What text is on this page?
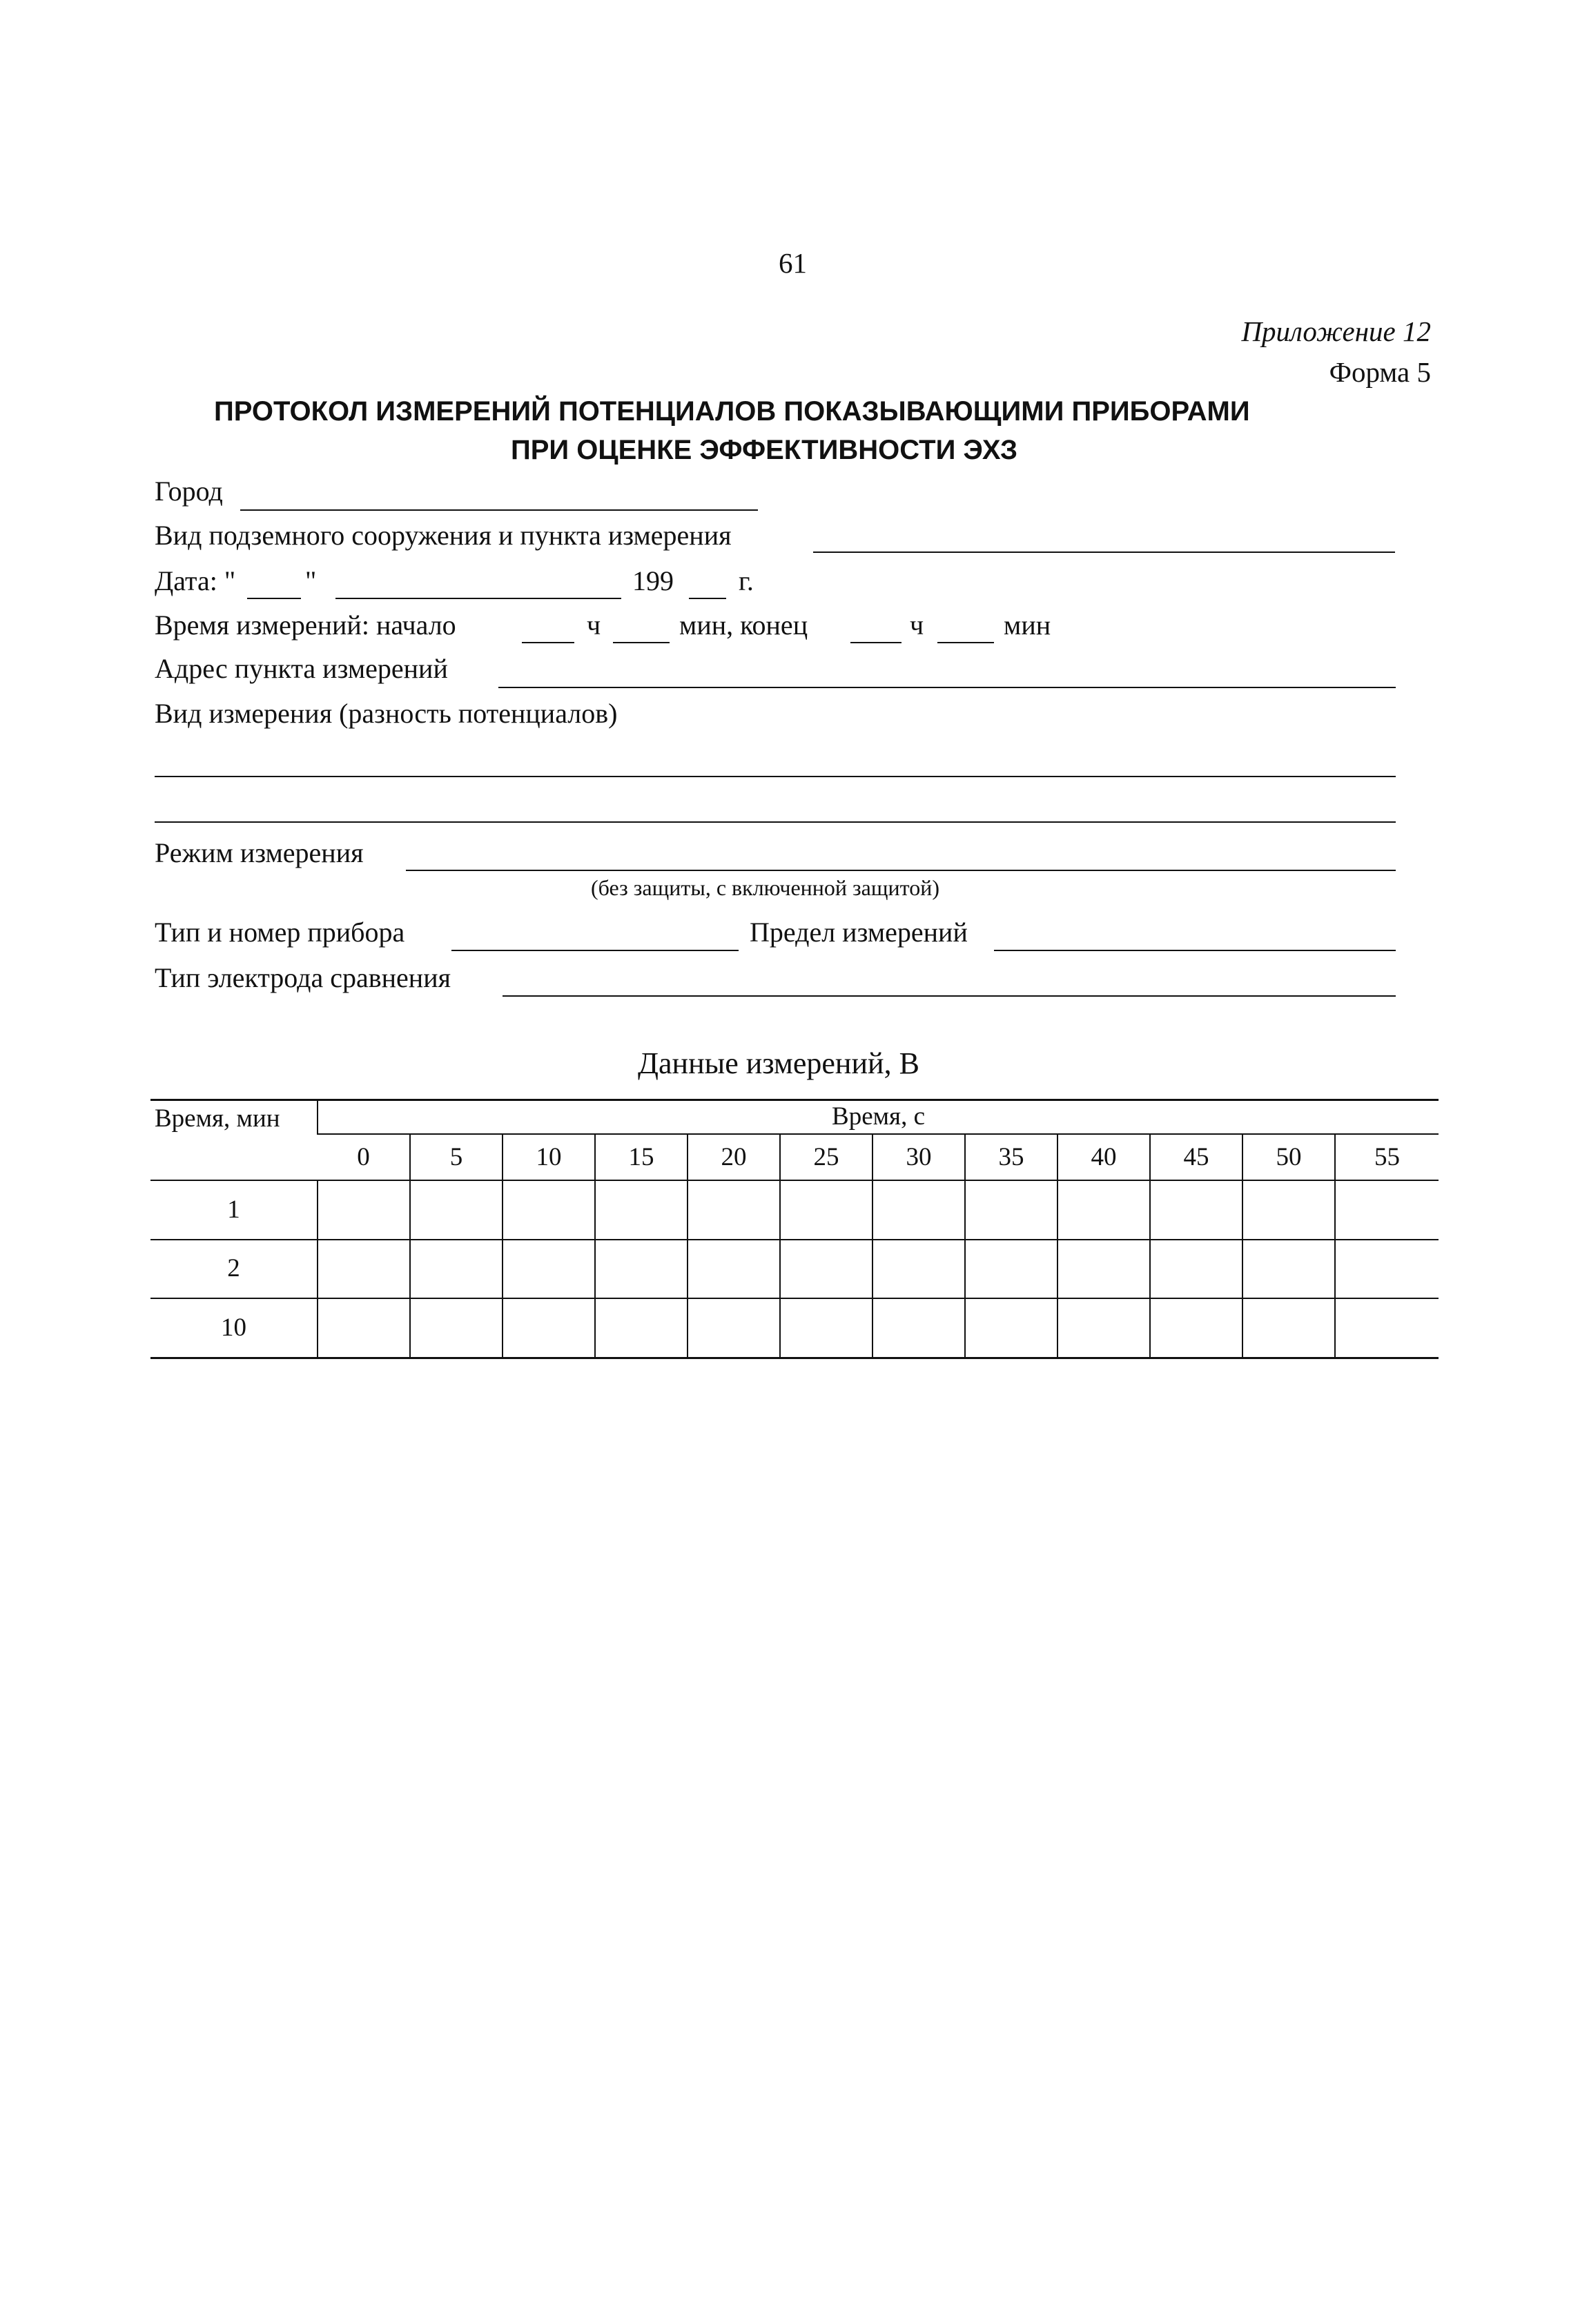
61
Приложение 12
Форма 5
ПРОТОКОЛ ИЗМЕРЕНИЙ ПОТЕНЦИАЛОВ ПОКАЗЫВАЮЩИМИ ПРИБОРАМИ
ПРИ ОЦЕНКЕ ЭФФЕКТИВНОСТИ ЭХЗ
Город
Вид подземного сооружения и пункта измерения
Дата: "	"	199 г.
Время измерений: начало	ч	мин, конец	ч	мин
Адрес пункта измерений
Вид измерения (разность потенциалов)
Режим измерения
(без защиты, с включенной защитой)
Тип и номер прибора	Предел измерений
Тип электрода сравнения
Данные измерений, В
Время, мин	Время, с											
	0	5	10	15	20	25	30	35	40	45	50	55
1												
2												
10												
